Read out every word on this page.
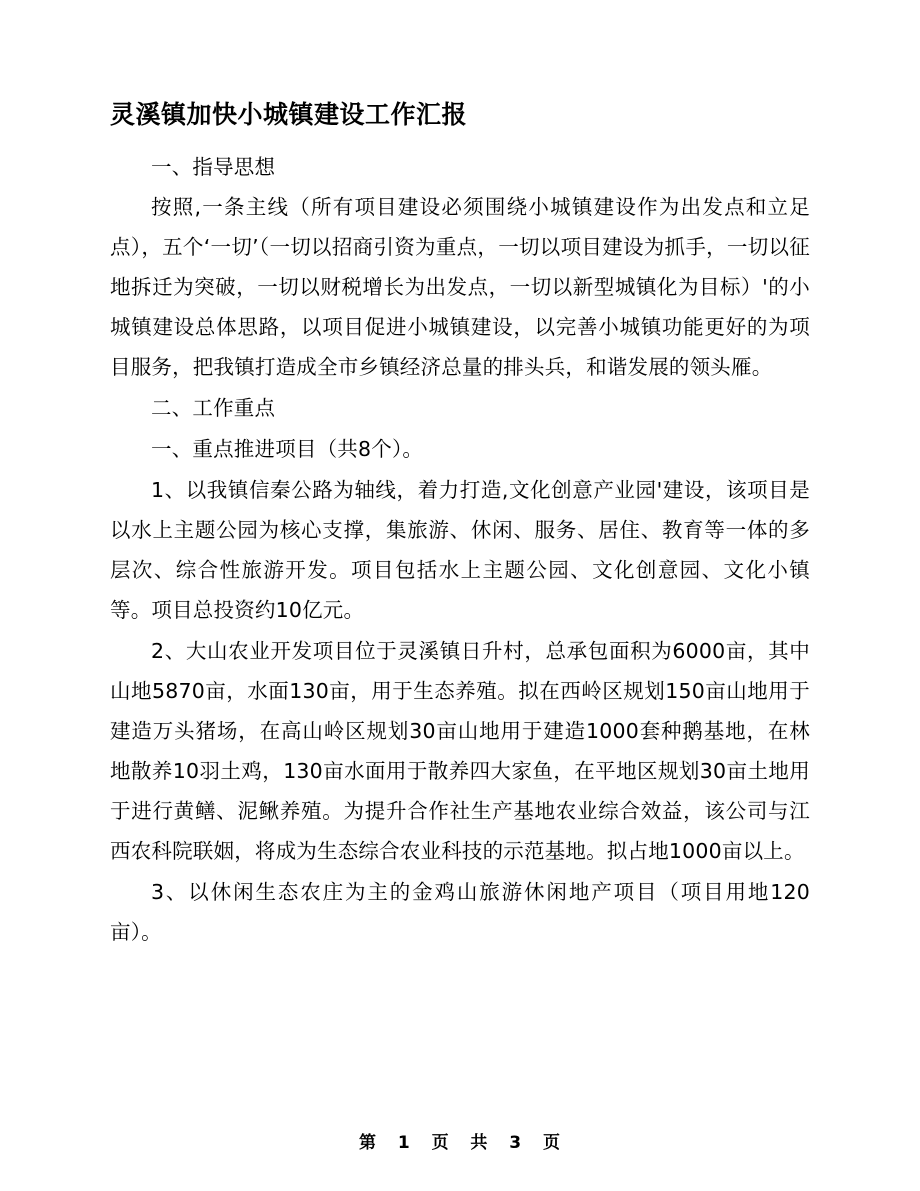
灵溪镇加快小城镇建设工作汇报

一、指导思想

按照,一条主线（所有项目建设必须围绕小城镇建设作为出发点和立足点），五个‘一切’（一切以招商引资为重点，一切以项目建设为抓手，一切以征地拆迁为突破，一切以财税增长为出发点，一切以新型城镇化为目标）'的小城镇建设总体思路，以项目促进小城镇建设，以完善小城镇功能更好的为项目服务，把我镇打造成全市乡镇经济总量的排头兵，和谐发展的领头雁。

二、工作重点

一、重点推进项目（共8个）。

1、以我镇信秦公路为轴线，着力打造,文化创意产业园'建设，该项目是以水上主题公园为核心支撑，集旅游、休闲、服务、居住、教育等一体的多层次、综合性旅游开发。项目包括水上主题公园、文化创意园、文化小镇等。项目总投资约10亿元。

2、大山农业开发项目位于灵溪镇日升村，总承包面积为6000亩，其中山地5870亩，水面130亩，用于生态养殖。拟在西岭区规划150亩山地用于建造万头猪场，在高山岭区规划30亩山地用于建造1000套种鹅基地，在林地散养10羽土鸡，130亩水面用于散养四大家鱼，在平地区规划30亩土地用于进行黄鳝、泥鳅养殖。为提升合作社生产基地农业综合效益，该公司与江西农科院联姻，将成为生态综合农业科技的示范基地。拟占地1000亩以上。

3、以休闲生态农庄为主的金鸡山旅游休闲地产项目（项目用地120亩）。

第 1 页 共 3 页
